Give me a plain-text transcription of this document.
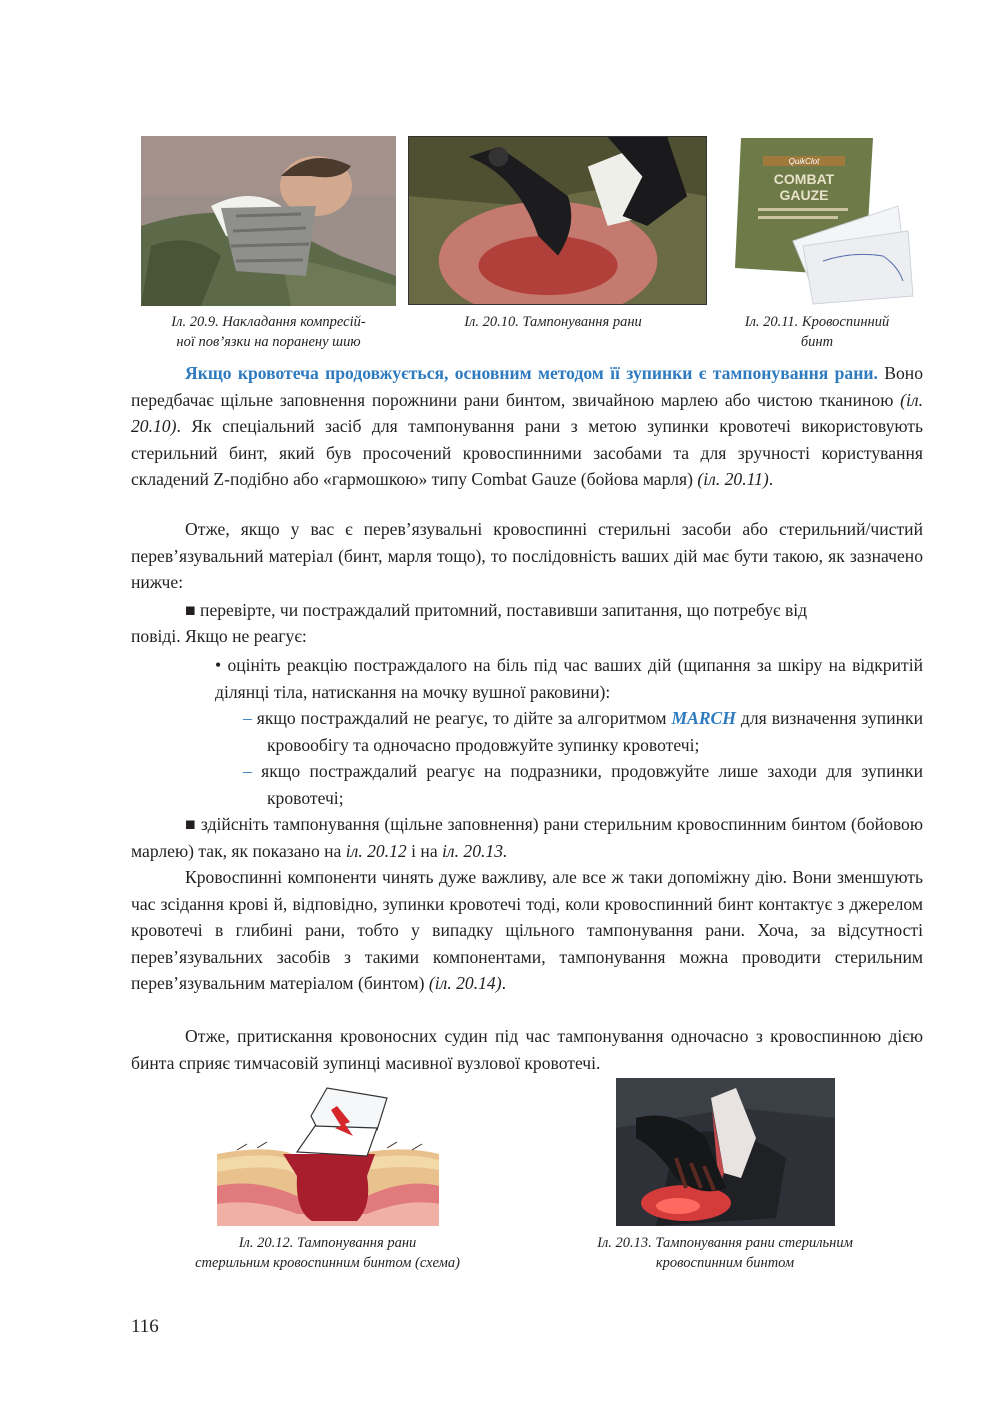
Іл. 20.9. Накладання компресій-
ної пов’язки на поранену шию
Іл. 20.10. Тампонування рани
QuikClot
COMBAT
GAUZE
Іл. 20.11. Кровоспинний
бинт

Якщо кровотеча продовжується, основним методом її зупинки є тампонування рани. Воно передбачає щільне заповнення порожнини рани бинтом, звичайною марлею або чистою тканиною (іл. 20.10). Як спеціальний засіб для тампонування рани з метою зупинки кровотечі використовують стерильний бинт, який був просочений кровоспинними засобами та для зручності користування складений Z-подібно або «гармошкою» типу Combat Gauze (бойова марля) (іл. 20.11).

Отже, якщо у вас є перев’язувальні кровоспинні стерильні засоби або стерильний/чистий перев’язувальний матеріал (бинт, марля тощо), то послідовність ваших дій має бути такою, як зазначено нижче:

■ перевірте, чи постраждалий притомний, поставивши запитання, що потребує від

повіді. Якщо не реагує:

• оцініть реакцію постраждалого на біль під час ваших дій (щипання за шкіру на відкритій ділянці тіла, натискання на мочку вушної раковини):

– якщо постраждалий не реагує, то дійте за алгоритмом MARCH для визначення зупинки кровообігу та одночасно продовжуйте зупинку кровотечі;

– якщо постраждалий реагує на подразники, продовжуйте лише заходи для зупинки кровотечі;

■ здійсніть тампонування (щільне заповнення) рани стерильним кровоспинним бинтом (бойовою марлею) так, як показано на іл. 20.12 і на іл. 20.13.

Кровоспинні компоненти чинять дуже важливу, але все ж таки допоміжну дію. Вони зменшують час зсідання крові й, відповідно, зупинки кровотечі тоді, коли кровоспинний бинт контактує з джерелом кровотечі в глибині рани, тобто у випадку щільного тампонування рани. Хоча, за відсутності перев’язувальних засобів з такими компонентами, тампонування можна проводити стерильним перев’язувальним матеріалом (бинтом) (іл. 20.14).

Отже, притискання кровоносних судин під час тампонування одночасно з кровоспинною дією бинта сприяє тимчасовій зупинці масивної вузлової кровотечі.

Іл. 20.12. Тампонування рани
стерильним кровоспинним бинтом (схема)
Іл. 20.13. Тампонування рани стерильним
кровоспинним бинтом
116
